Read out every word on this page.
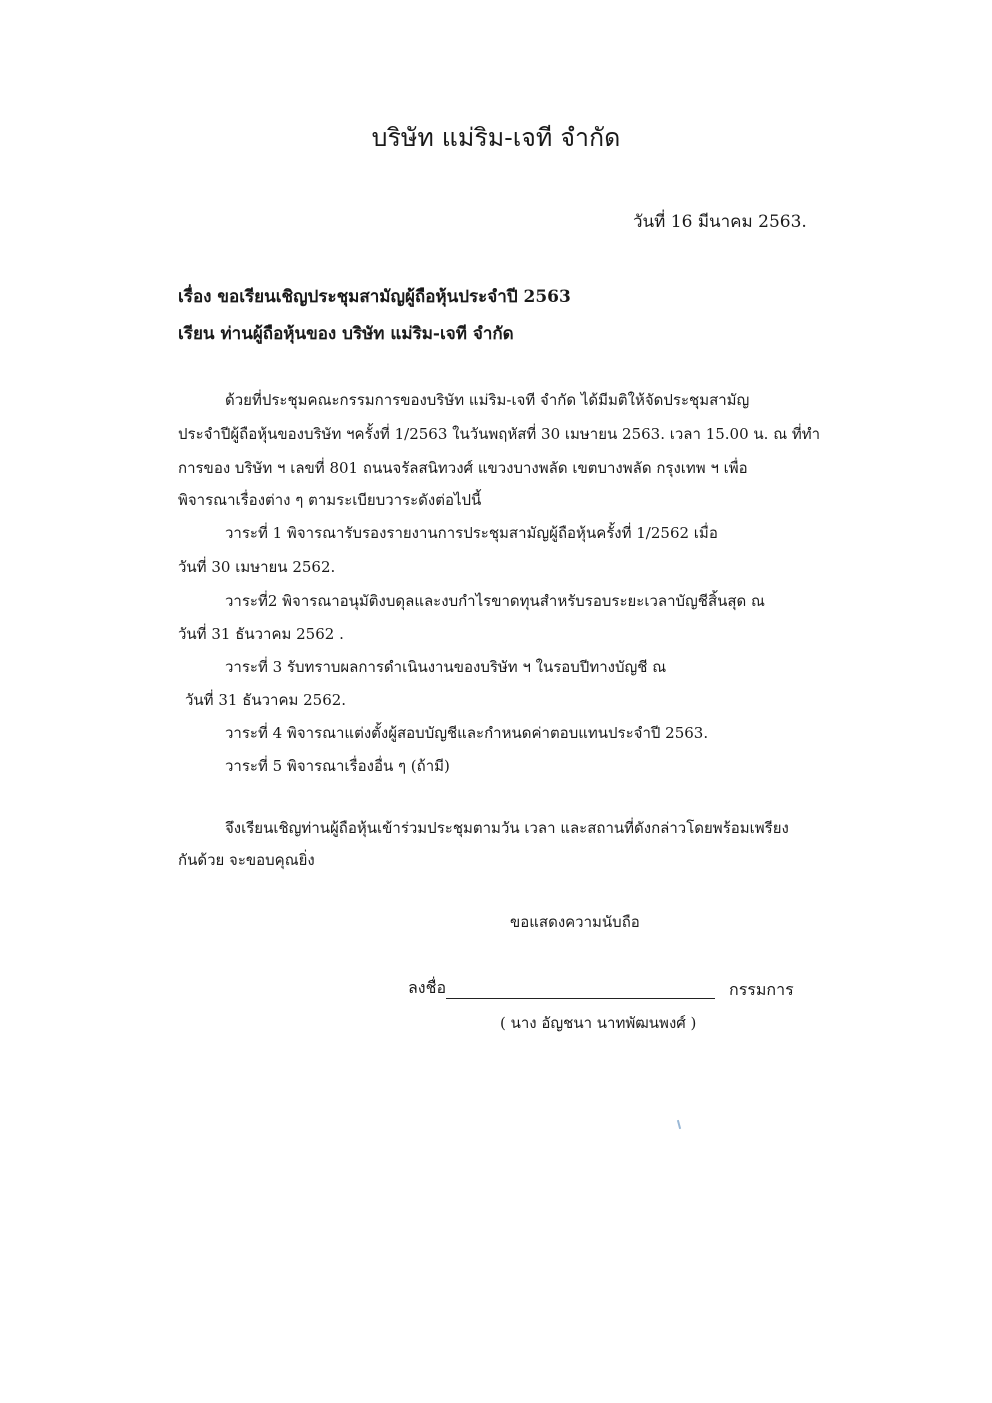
บริษัท แม่ริม-เจที จำกัด
วันที่ 16 มีนาคม 2563.
เรื่อง ขอเรียนเชิญประชุมสามัญผู้ถือหุ้นประจำปี 2563
เรียน ท่านผู้ถือหุ้นของ บริษัท แม่ริม-เจที จำกัด
ด้วยที่ประชุมคณะกรรมการของบริษัท แม่ริม-เจที จำกัด ได้มีมติให้จัดประชุมสามัญ
ประจำปีผู้ถือหุ้นของบริษัท ฯครั้งที่ 1/2563 ในวันพฤหัสที่ 30 เมษายน 2563. เวลา 15.00 น. ณ ที่ทำ
การของ บริษัท ฯ เลขที่ 801 ถนนจรัลสนิทวงศ์ แขวงบางพลัด เขตบางพลัด กรุงเทพ ฯ เพื่อ
พิจารณาเรื่องต่าง ๆ ตามระเบียบวาระดังต่อไปนี้
วาระที่ 1 พิจารณารับรองรายงานการประชุมสามัญผู้ถือหุ้นครั้งที่ 1/2562 เมื่อ
วันที่ 30 เมษายน 2562.
วาระที่2 พิจารณาอนุมัติงบดุลและงบกำไรขาดทุนสำหรับรอบระยะเวลาบัญชีสิ้นสุด ณ
วันที่ 31 ธันวาคม 2562 .
วาระที่ 3 รับทราบผลการดำเนินงานของบริษัท ฯ ในรอบปีทางบัญชี ณ
วันที่ 31 ธันวาคม 2562.
วาระที่ 4 พิจารณาแต่งตั้งผู้สอบบัญชีและกำหนดค่าตอบแทนประจำปี 2563.
วาระที่ 5 พิจารณาเรื่องอื่น ๆ (ถ้ามี)
จึงเรียนเชิญท่านผู้ถือหุ้นเข้าร่วมประชุมตามวัน เวลา และสถานที่ดังกล่าวโดยพร้อมเพรียง
กันด้วย จะขอบคุณยิ่ง
ขอแสดงความนับถือ
ลงชื่อ	กรรมการ
( นาง อัญชนา นาทพัฒนพงศ์ )
